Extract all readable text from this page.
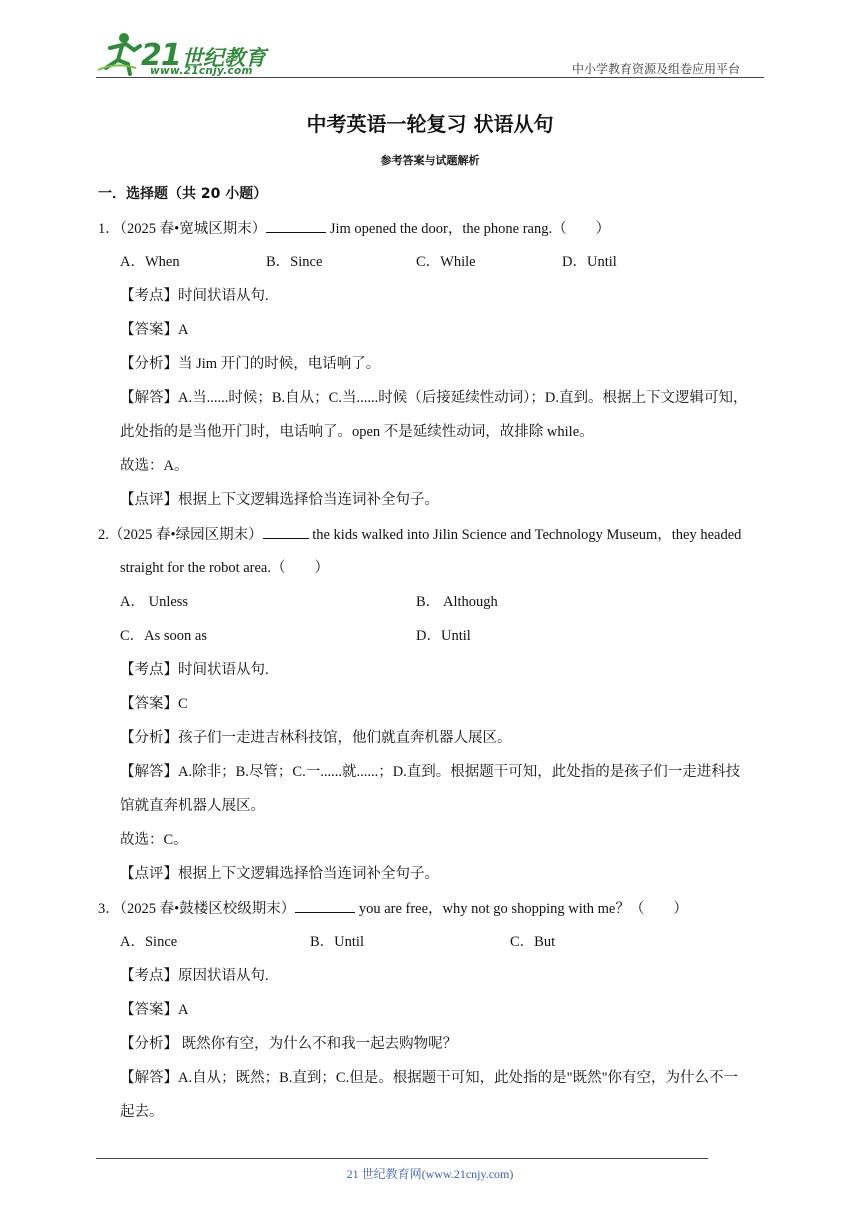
21 世纪教育
www.21cnjy.com	中小学教育资源及组卷应用平台
中考英语一轮复习 状语从句
参考答案与试题解析
一．选择题（共 20 小题）
1．（2025 春•宽城区期末）	Jim opened the door，the phone rang.（　　）
A．When	B．Since	C．While	D．Until
【考点】时间状语从句.
【答案】A
【分析】当 Jim 开门的时候，电话响了。
【解答】A.当......时候；B.自从；C.当......时候（后接延续性动词）；D.直到。根据上下文逻辑可知，
此处指的是当他开门时，电话响了。open 不是延续性动词，故排除 while。
故选：A。
【点评】根据上下文逻辑选择恰当连词补全句子。
2.（2025 春•绿园区期末）	the kids walked into Jilin Science and Technology Museum，they headed
straight for the robot area.（　　）
A． Unless	B． Although
C．As soon as	D．Until
【考点】时间状语从句.
【答案】C
【分析】孩子们一走进吉林科技馆，他们就直奔机器人展区。
【解答】A.除非；B.尽管；C.一......就......；D.直到。根据题干可知，此处指的是孩子们一走进科技
馆就直奔机器人展区。
故选：C。
【点评】根据上下文逻辑选择恰当连词补全句子。
3．（2025 春•鼓楼区校级期末）	you are free，why not go shopping with me？（　　）
A．Since	B．Until	C．But
【考点】原因状语从句.
【答案】A
【分析】 既然你有空，为什么不和我一起去购物呢？
【解答】A.自从；既然；B.直到；C.但是。根据题干可知，此处指的是"既然"你有空，为什么不一
起去。
21 世纪教育网(www.21cnjy.com)
